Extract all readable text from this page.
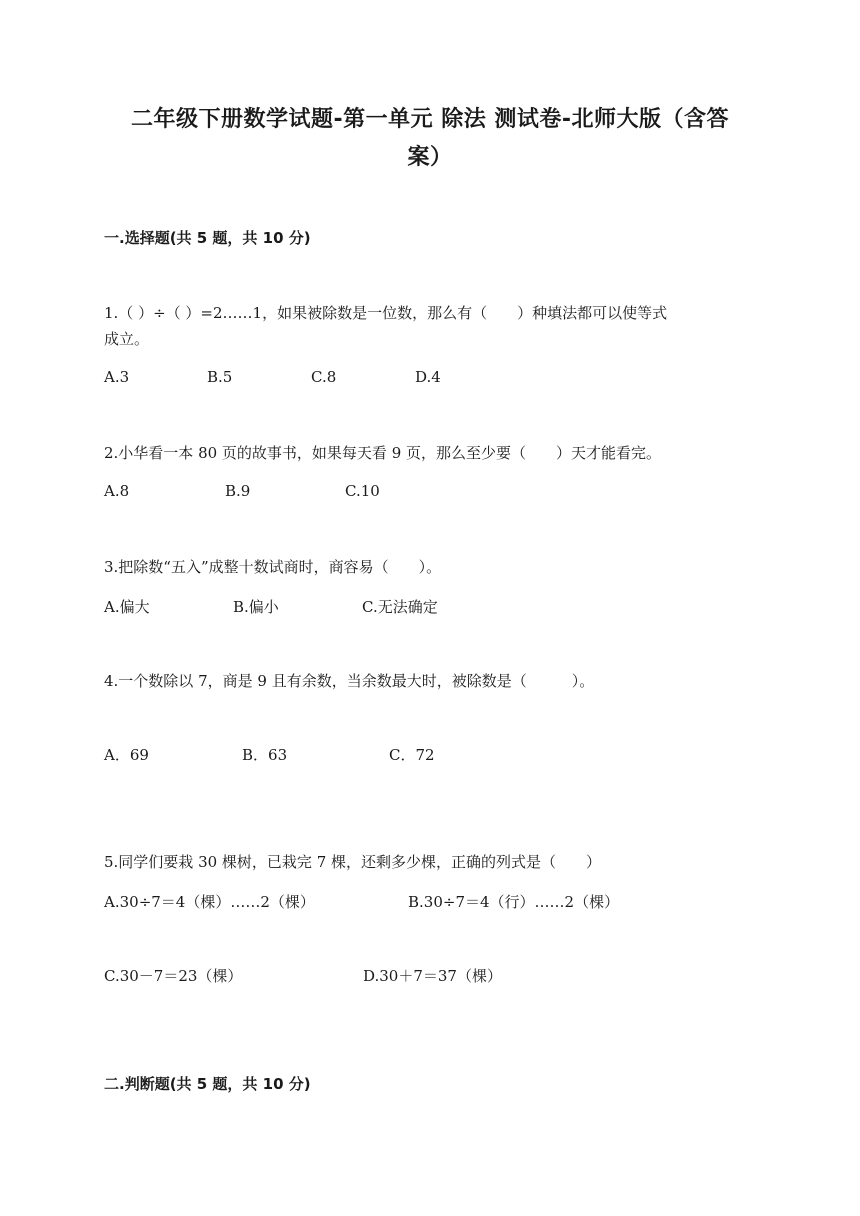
二年级下册数学试题-第一单元 除法 测试卷-北师大版（含答
案）
一.选择题(共 5 题，共 10 分)
1.（ ）÷（ ）=2……1，如果被除数是一位数，那么有（　　）种填法都可以使等式
成立。
A.3	B.5	C.8	D.4
2.小华看一本 80 页的故事书，如果每天看 9 页，那么至少要（　　）天才能看完。
A.8	B.9	C.10
3.把除数“五入”成整十数试商时，商容易（　　）。
A.偏大	B.偏小	C.无法确定
4.一个数除以 7，商是 9 且有余数，当余数最大时，被除数是（　　　）。
A．69	B．63	C．72
5.同学们要栽 30 棵树，已栽完 7 棵，还剩多少棵，正确的列式是（　　）
A.30÷7＝4（棵）……2（棵）	B.30÷7＝4（行）……2（棵）
C.30－7＝23（棵）	D.30＋7＝37（棵）
二.判断题(共 5 题，共 10 分)
